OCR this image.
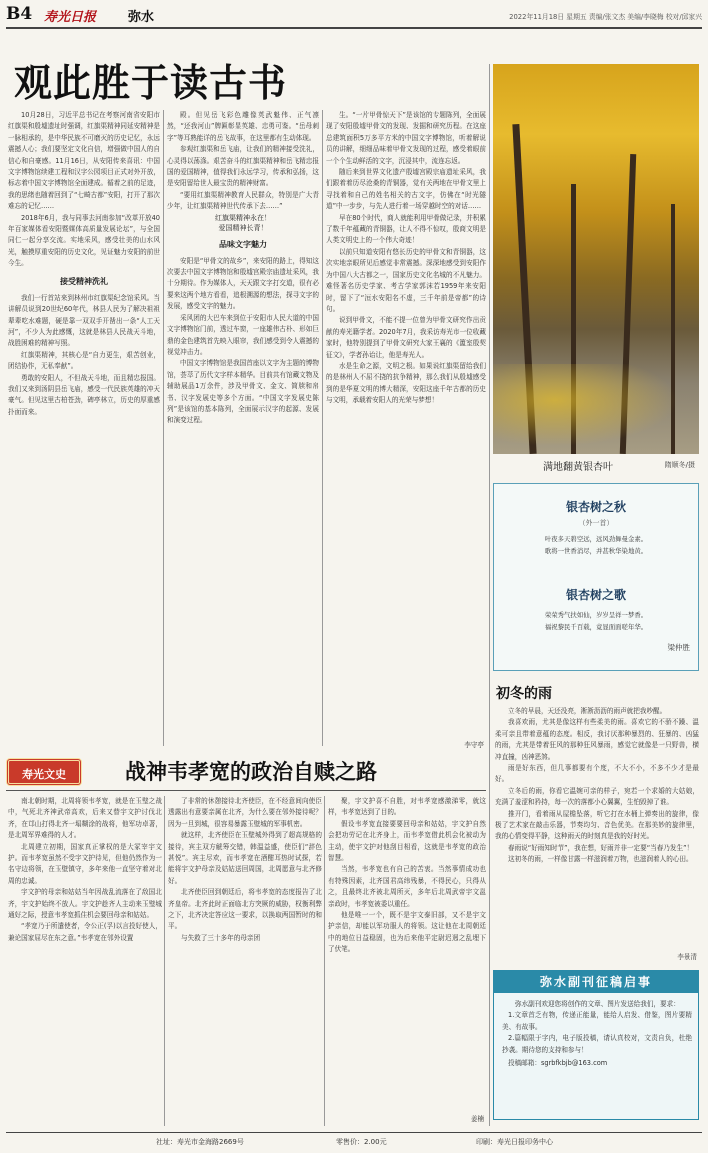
B4 寿光日报 弥水	2022年11月18日 星期五 责编/张文杰 美编/李晓梅 校对/邱家兴
观此胜于读古书

10月28日，习近平总书记在考察河南省安阳市红旗渠和殷墟遗址时强调，红旗渠精神同延安精神是一脉相承的，是中华民族不可磨灭的历史记忆，永远震撼人心；我们要坚定文化自信，增强做中国人的自信心和自豪感。11月16日，从安阳传来喜讯：中国文字博物馆续建工程和汉字公园项目正式对外开放，标志着中国文字博物馆全面建成。循着之前的足迹，我的思绪也随着回到了“七畸古都”安阳，打开了那次难忘的记忆……

2018年6月，我与同事去河南参加“改革开放40年百家媒体看安阳暨媒体高质量发展论坛”，与全国同仁一起分享交流。实地采风，感受壮美的山水风光，触摸厚重安阳的历史文化，见证魅力安阳的前世今生。

接受精神洗礼

我们一行首站来到林州市红旗渠纪念馆采风。当讲解员说到20世纪60年代，林县人民为了解决祖祖辈辈吃水难题，硬是靠一双双手开凿出一条“人工天河”，不少人为此感慨，这就是林县人民战天斗地，战胜困难的精神写照。

红旗渠精神，其核心是“自力更生，艰苦创业，团结协作，无私奉献”。

勇敢的安阳人，不但战天斗地，而且精忠报国。我们又来到汤阴县岳飞庙，感受一代民族英雄的冲天豪气。但见这里古柏苍劲，碑亭林立，历史的厚重感扑面而来。

殿。但见岳飞彩色雕像英武魁伟、正气凛然，“还我河山”牌匾彰显英雄、忠勇可鉴。“岳母刺字”等耳熟能详的岳飞故事，在这里都有生动体现。

参观红旗渠和岳飞庙，让我们的精神接受洗礼，心灵得以荡涤。艰苦奋斗的红旗渠精神和岳飞精忠报国的爱国精神，值得我们永远学习，传承和弘扬，这是安阳留给世人最宝贵的精神财富。

“要用红旗渠精神教育人民群众，特别是广大青少年，让红旗渠精神世代传承下去……”

红旗渠精神永在！

爱国精神长青！

品味文字魅力

安阳是“甲骨文的故乡”，来安阳的路上，得知这次要去中国文字博物馆和殷墟宫殿宗庙遗址采风，我十分期待。作为媒体人，天天跟文字打交道，很有必要来这两个地方看看，追根溯源的想法，探寻文字的发展，感受文字的魅力。

采风团的大巴车来到位于安阳市人民大道的中国文字博物馆门前，透过车窗，一座雄伟古朴、形如巨鼎的金色建筑首先映入眼帘，我们感受到令人震撼的视觉冲击力。

中国文字博物馆是我国首座以文字为主题的博物馆，荟萃了历代文字样本精华。目前共有馆藏文物及辅助展品1万余件，涉及甲骨文、金文、简牍和帛书、汉字发展史等多个方面。“中国文字发展史陈列”是该馆的基本陈列，全面展示汉字的起源、发展和演变过程。

生。“一片甲骨惊天下”是该馆的专题陈列，全面展现了安阳殷墟甲骨文的发现、发掘和研究历程。在这座总建筑面积5万多平方米的中国文字博物馆，听着解说员的讲解，细细品味着甲骨文发现的过程，感受着眼前一个个生动鲜活的文字，沉浸其中，流连忘返。

随后来到世界文化遗产殷墟宫殿宗庙遗址采风，我们跟着着历尽沧桑的青铜器，觉有关两地在甲骨文里上寻找着和自己的姓名相关的古文字，仿佛在“时光隧道”中一步步，与先人进行着一场穿越时空的对话……

早在80个时代，商人就能利用甲骨做记录，并积累了数千年蕴藏的青铜器，让人不得不惊叹，殷商文明是人类文明史上的一个伟大奇迹！

以前只知道安阳有悠长历史的甲骨文和青铜器，这次实地亲眼所见后感觉非常震撼。深深地感受到安阳作为中国八大古都之一，国家历史文化名城的不凡魅力。难怪著名历史学家、考古学家郭沫若1959年来安阳时，留下了“洹水安阳名不虚，三千年前是帝都”的诗句。

说到甲骨文，不能不提一位曾为甲骨文研究作出贡献的寿光籍学者。2020年7月，我采访寿光市一位收藏家时，他特别提到了甲骨文研究大家王襄的《簠室殷契征文》，学者孙诒让，他是寿光人。

水是生命之源，文明之根。如果说红旗渠留给我们的是林州人不屈不挠的抗争精神，那么我们从殷墟感受到的是华夏文明的博大精深，安阳这座千年古都的历史与文明，承载着安阳人的光荣与梦想！

李守亭
满地翻黄银杏叶	隋顺冬/摄
银杏树之秋
（外一首）
叶夜多天碧空远，远风劲舞曼金素。
歌将一世香消尽，并甚秋华染地黄。
银杏树之歌
荣荣秀气扶如仙，岁岁呈祥一梦香。
福祝黎民千百载，竟显面面嗟年华。
梁仲胜
初冬的雨

立冬的早晨，天还没亮，淅淅沥沥的雨声就把我吵醒。

我喜欢雨，尤其是像这样有些柔美的雨。喜欢它的不骄不躁、温柔可亲且带着意蕴的态度。相反，我讨厌那种暴烈的、狂暴的、凶猛的雨，尤其是带着狂风的那种狂风暴雨，感觉它就像是一只野兽，横冲直撞，凶神恶煞。

雨是好东西，但几事都要有个度，不大不小，不多不少才是最好。

立冬后的雨，你看它温婉可亲的样子，宛若一个求婚的大姑娘，充满了羞涩和矜持，每一次的落都小心翼翼，生怕毁掉了谁。

推开门，看着雨从屋檐坠落，听它打在水桶上弹奏出的旋律，像极了艺术家在敲击乐器，节奏均匀、音色优美。在那美妙的旋律里，我的心情变得平静，这种雨天的时刻真是我的好时光。

春雨说“好雨知时节”，我在想，好雨并非一定要“当春乃发生”！

这初冬的雨，一样像甘露一样滋润着万物，也滋润着人的心田。

李景清
弥水副刊征稿启事

弥水副刊欢迎您将创作的文章、图片发送给我们，要求：

1.文章首乏有物，传递正能量，能给人启发、借鉴，图片要精美、有故事。

2.篇幅限于字内，电子版投稿，请认真校对，文责自负，杜绝抄袭。期待您的支持和参与！

投稿邮箱：sgrbfkbjb@163.com

寿光文史	战神韦孝宽的政治自赎之路

南北朝时期，北周将领韦孝宽，就是在玉璧之战中，气死北齐神武帝高欢，后来又替宇文护讨伐北齐，在邙山打得北齐一塌糊涂的战将，他军功卓著，是北周军界难得的人才。

北周建立初期，国家真正掌权的是大冢宰宇文护。而韦孝宽虽然不受宇文护待见，但他仍然作为一名守边将领，在玉壁镇守，多年来他一直坚守着对北周的忠诚。

宇文护的母亲和姑姑当年因战乱流落在了敌国北齐，宇文护始终不放人。宇文护趁齐人主动来玉璧城通好之际，授意韦孝宽抓住机会要回母亲和姑姑。

“孝宽乃于所遣使者，令公正(孚)以言投好使人，兼论国家屈尽在东之意。”韦孝宽在邻外设置

了非常的休憩接待北齐使臣，在不经意间向使臣透露出有意要亲属在北齐，为什么要在邻外接待呢？因为一旦到城，很容易暴露玉壁城的军事机密。

就这样，北齐使臣在玉壁城外得到了超高规格的接待，宾主双方觥筹交错，韩温益盛，使臣们“辞色甚悦”。宾主尽欢，而韦孝宽在酒酣耳热时试探，若能将宇文护母亲及姑姑送回周国，北周愿意与北齐修好。

北齐使臣回到朝廷后，将韦孝宽的态度报告了北齐皇帝。北齐此时正面临北方突厥的威胁，权衡利弊之下，北齐决定答应这一要求，以换取两国暂时的和平。

与失救了三十多年的母亲团

聚，宇文护喜不自胜，对韦孝宽感激涕零，就这样，韦孝宽达到了目的。

假设韦孝宽直接要要回母亲和姑姑，宇文护自然会把功劳记在北齐身上，而韦孝宽借此机会化被动为主动，使宇文护对他刮目相看，这就是韦孝宽的政治智慧。

当然，韦孝宽也有自己的苦衷。当然事情成功也有特殊因素，北齐国君高纬残暴，不得民心，只得从之，且最终北齐被北周所灭，多年后北周武帝宇文邕亲政时，韦孝宽被委以重任。

他是唯一一个，既不是宇文泰旧部，又不是宇文护亲信，却能以军功服人的将领。这让他在北周朝廷中的地位日益稳固，也为后来他平定尉迟迥之乱埋下了伏笔。

姜楠
社址：寿光市金海路2669号	零售价：2.00元	印刷：寿光日报印务中心
